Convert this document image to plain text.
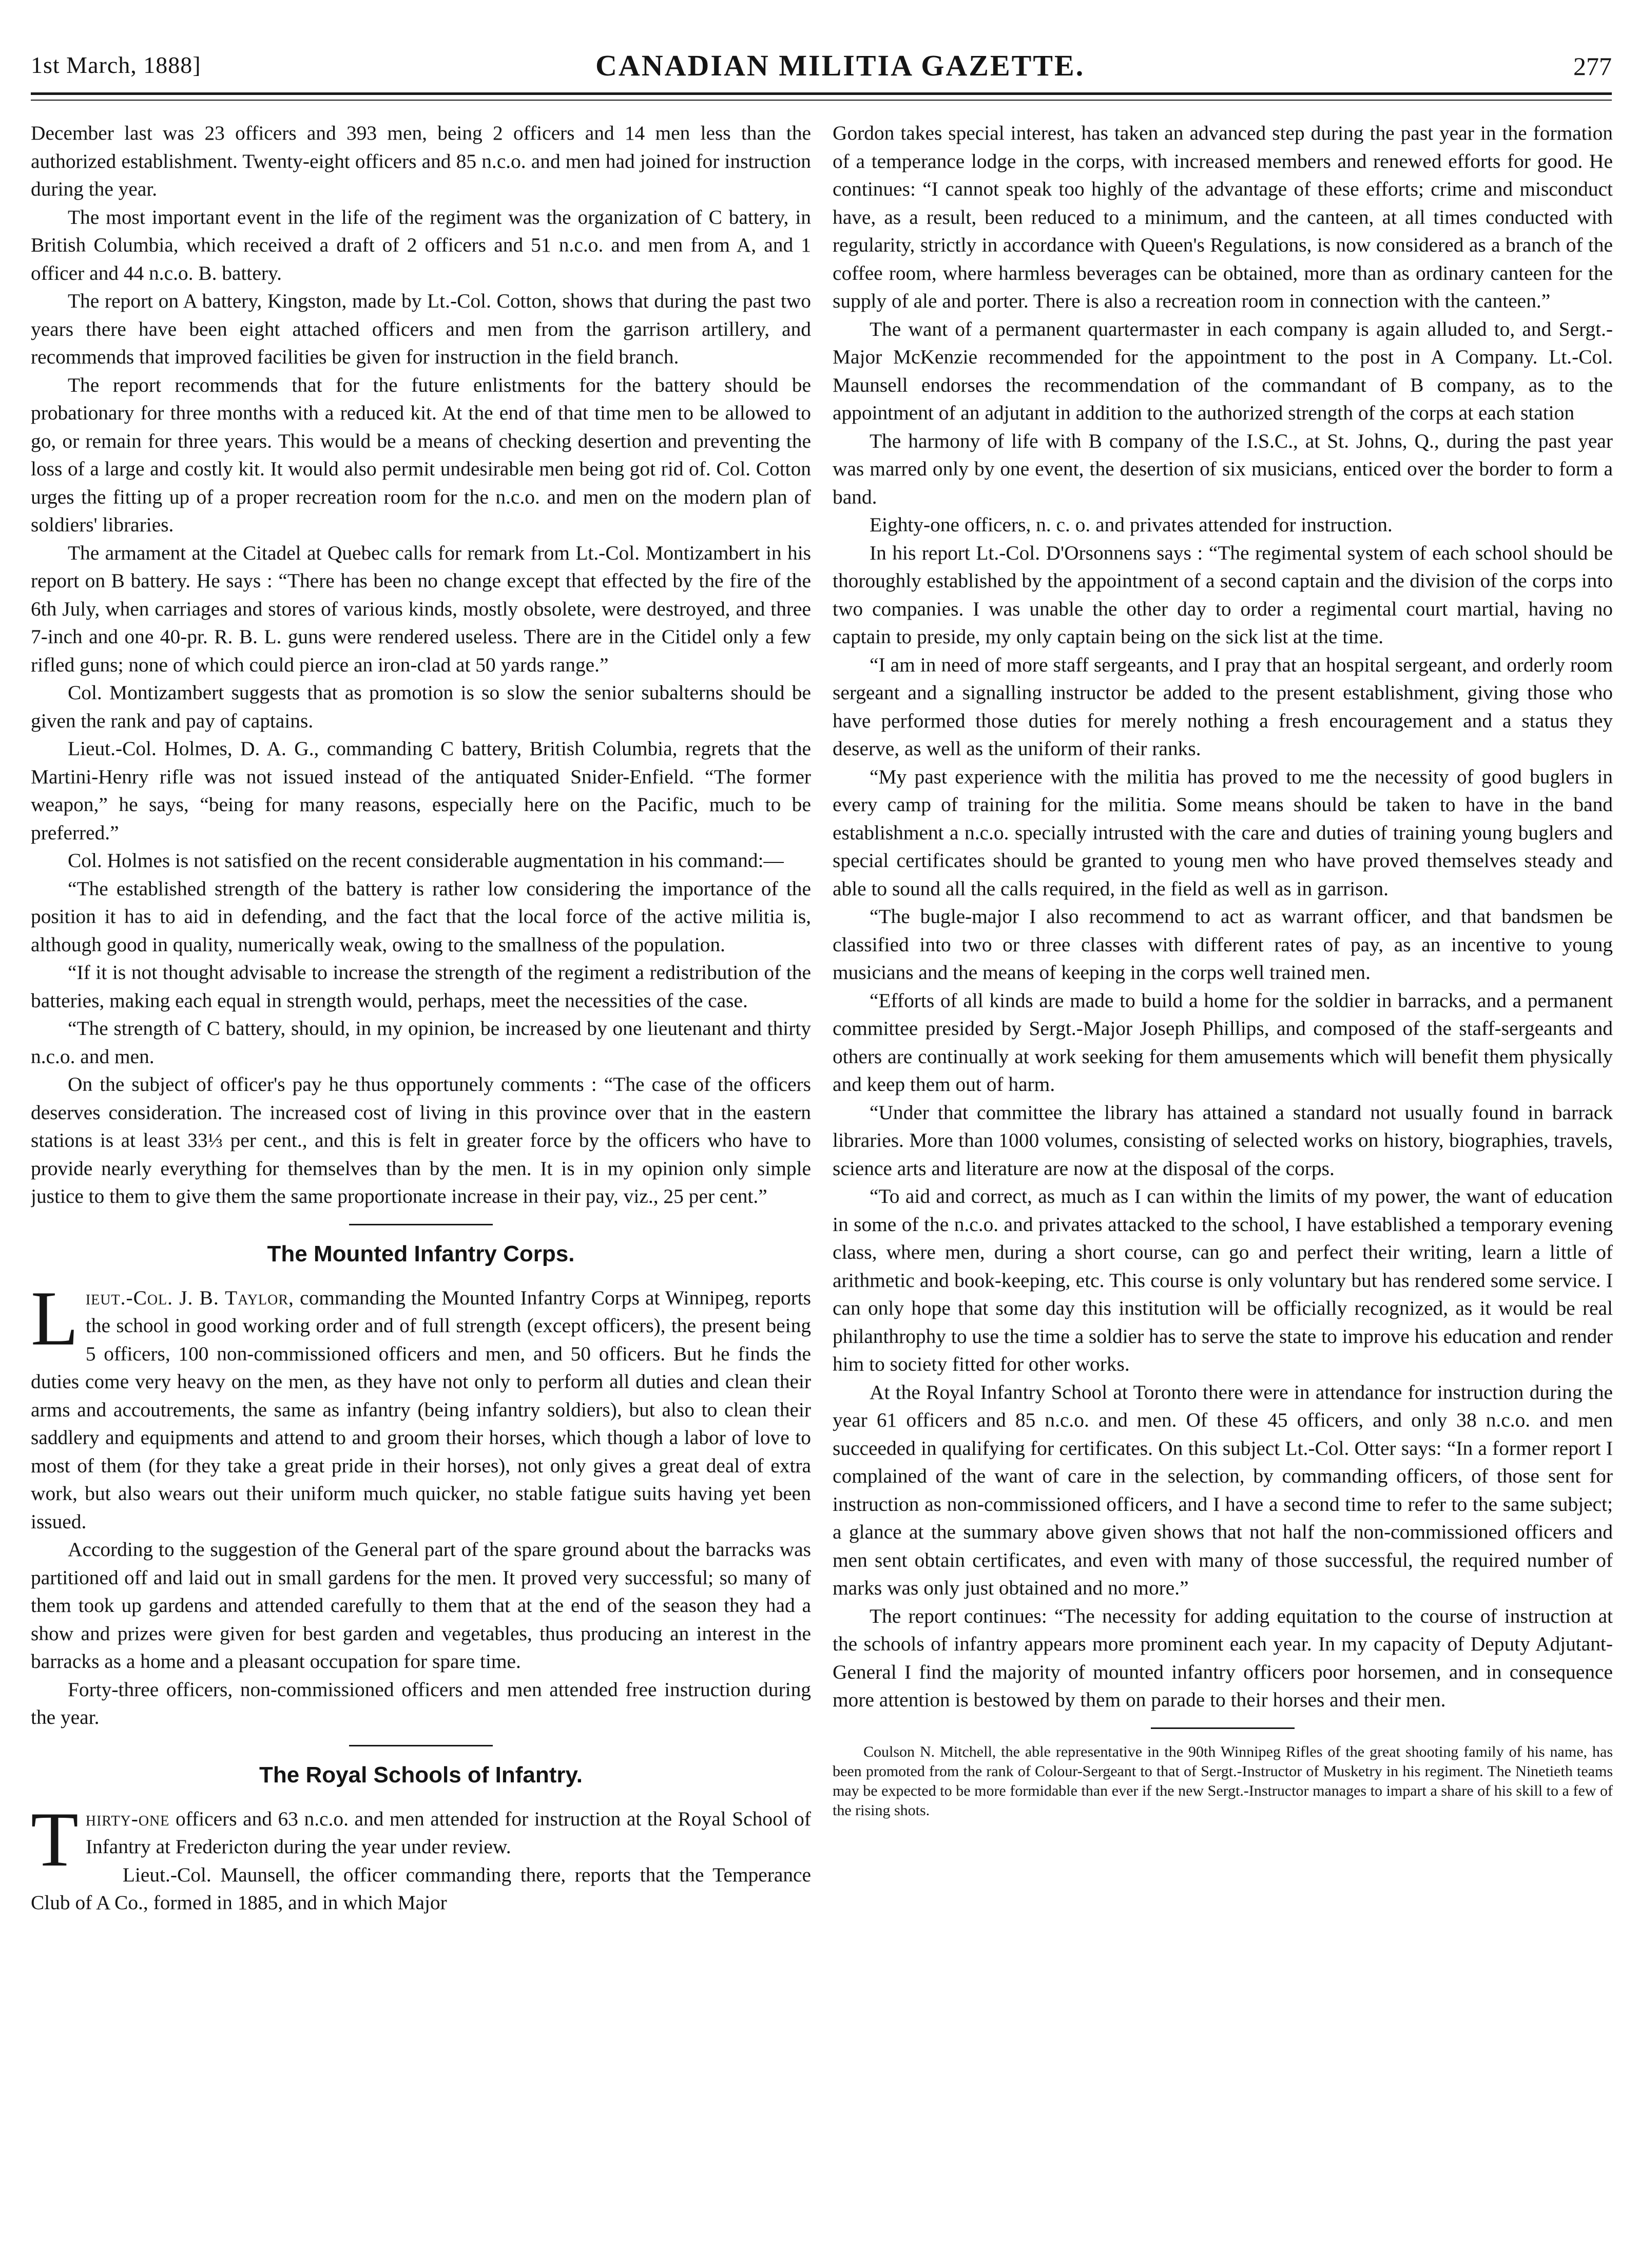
1st March, 1888]	CANADIAN MILITIA GAZETTE.	277

December last was 23 officers and 393 men, being 2 officers and 14 men less than the authorized establishment. Twenty-eight officers and 85 n.c.o. and men had joined for instruction during the year.

The most important event in the life of the regiment was the organization of C battery, in British Columbia, which received a draft of 2 officers and 51 n.c.o. and men from A, and 1 officer and 44 n.c.o. B. battery.

The report on A battery, Kingston, made by Lt.-Col. Cotton, shows that during the past two years there have been eight attached officers and men from the garrison artillery, and recommends that improved facilities be given for instruction in the field branch.

The report recommends that for the future enlistments for the battery should be probationary for three months with a reduced kit. At the end of that time men to be allowed to go, or remain for three years. This would be a means of checking desertion and preventing the loss of a large and costly kit. It would also permit undesirable men being got rid of. Col. Cotton urges the fitting up of a proper recreation room for the n.c.o. and men on the modern plan of soldiers' libraries.

The armament at the Citadel at Quebec calls for remark from Lt.-Col. Montizambert in his report on B battery. He says : “There has been no change except that effected by the fire of the 6th July, when carriages and stores of various kinds, mostly obsolete, were destroyed, and three 7-inch and one 40-pr. R. B. L. guns were rendered useless. There are in the Citidel only a few rifled guns; none of which could pierce an iron-clad at 50 yards range.”

Col. Montizambert suggests that as promotion is so slow the senior subalterns should be given the rank and pay of captains.

Lieut.-Col. Holmes, D. A. G., commanding C battery, British Columbia, regrets that the Martini-Henry rifle was not issued instead of the antiquated Snider-Enfield. “The former weapon,” he says, “being for many reasons, especially here on the Pacific, much to be preferred.”

Col. Holmes is not satisfied on the recent considerable augmentation in his command:—

“The established strength of the battery is rather low considering the importance of the position it has to aid in defending, and the fact that the local force of the active militia is, although good in quality, numerically weak, owing to the smallness of the population.

“If it is not thought advisable to increase the strength of the regiment a redistribution of the batteries, making each equal in strength would, perhaps, meet the necessities of the case.

“The strength of C battery, should, in my opinion, be increased by one lieutenant and thirty n.c.o. and men.

On the subject of officer's pay he thus opportunely comments : “The case of the officers deserves consideration. The increased cost of living in this province over that in the eastern stations is at least 33⅓ per cent., and this is felt in greater force by the officers who have to provide nearly everything for themselves than by the men. It is in my opinion only simple justice to them to give them the same proportionate increase in their pay, viz., 25 per cent.”

The Mounted Infantry Corps.

Lieut.-Col. J. B. Taylor, commanding the Mounted Infantry Corps at Winnipeg, reports the school in good working order and of full strength (except officers), the present being 5 officers, 100 non-commissioned officers and men, and 50 officers. But he finds the duties come very heavy on the men, as they have not only to perform all duties and clean their arms and accoutrements, the same as infantry (being infantry soldiers), but also to clean their saddlery and equipments and attend to and groom their horses, which though a labor of love to most of them (for they take a great pride in their horses), not only gives a great deal of extra work, but also wears out their uniform much quicker, no stable fatigue suits having yet been issued.

According to the suggestion of the General part of the spare ground about the barracks was partitioned off and laid out in small gardens for the men. It proved very successful; so many of them took up gardens and attended carefully to them that at the end of the season they had a show and prizes were given for best garden and vegetables, thus producing an interest in the barracks as a home and a pleasant occupation for spare time.

Forty-three officers, non-commissioned officers and men attended free instruction during the year.

The Royal Schools of Infantry.

Thirty-one officers and 63 n.c.o. and men attended for instruction at the Royal School of Infantry at Fredericton during the year under review.

Lieut.-Col. Maunsell, the officer commanding there, reports that the Temperance Club of A Co., formed in 1885, and in which Major

Gordon takes special interest, has taken an advanced step during the past year in the formation of a temperance lodge in the corps, with increased members and renewed efforts for good. He continues: “I cannot speak too highly of the advantage of these efforts; crime and misconduct have, as a result, been reduced to a minimum, and the canteen, at all times conducted with regularity, strictly in accordance with Queen's Regulations, is now considered as a branch of the coffee room, where harmless beverages can be obtained, more than as ordinary canteen for the supply of ale and porter. There is also a recreation room in connection with the canteen.”

The want of a permanent quartermaster in each company is again alluded to, and Sergt.-Major McKenzie recommended for the appointment to the post in A Company. Lt.-Col. Maunsell endorses the recommendation of the commandant of B company, as to the appointment of an adjutant in addition to the authorized strength of the corps at each station

The harmony of life with B company of the I.S.C., at St. Johns, Q., during the past year was marred only by one event, the desertion of six musicians, enticed over the border to form a band.

Eighty-one officers, n. c. o. and privates attended for instruction.

In his report Lt.-Col. D'Orsonnens says : “The regimental system of each school should be thoroughly established by the appointment of a second captain and the division of the corps into two companies. I was unable the other day to order a regimental court martial, having no captain to preside, my only captain being on the sick list at the time.

“I am in need of more staff sergeants, and I pray that an hospital sergeant, and orderly room sergeant and a signalling instructor be added to the present establishment, giving those who have performed those duties for merely nothing a fresh encouragement and a status they deserve, as well as the uniform of their ranks.

“My past experience with the militia has proved to me the necessity of good buglers in every camp of training for the militia. Some means should be taken to have in the band establishment a n.c.o. specially intrusted with the care and duties of training young buglers and special certificates should be granted to young men who have proved themselves steady and able to sound all the calls required, in the field as well as in garrison.

“The bugle-major I also recommend to act as warrant officer, and that bandsmen be classified into two or three classes with different rates of pay, as an incentive to young musicians and the means of keeping in the corps well trained men.

“Efforts of all kinds are made to build a home for the soldier in barracks, and a permanent committee presided by Sergt.-Major Joseph Phillips, and composed of the staff-sergeants and others are continually at work seeking for them amusements which will benefit them physically and keep them out of harm.

“Under that committee the library has attained a standard not usually found in barrack libraries. More than 1000 volumes, consisting of selected works on history, biographies, travels, science arts and literature are now at the disposal of the corps.

“To aid and correct, as much as I can within the limits of my power, the want of education in some of the n.c.o. and privates attacked to the school, I have established a temporary evening class, where men, during a short course, can go and perfect their writing, learn a little of arithmetic and book-keeping, etc. This course is only voluntary but has rendered some service. I can only hope that some day this institution will be officially recognized, as it would be real philanthrophy to use the time a soldier has to serve the state to improve his education and render him to society fitted for other works.

At the Royal Infantry School at Toronto there were in attendance for instruction during the year 61 officers and 85 n.c.o. and men. Of these 45 officers, and only 38 n.c.o. and men succeeded in qualifying for certificates. On this subject Lt.-Col. Otter says: “In a former report I complained of the want of care in the selection, by commanding officers, of those sent for instruction as non-commissioned officers, and I have a second time to refer to the same subject; a glance at the summary above given shows that not half the non-commissioned officers and men sent obtain certificates, and even with many of those successful, the required number of marks was only just obtained and no more.”

The report continues: “The necessity for adding equitation to the course of instruction at the schools of infantry appears more prominent each year. In my capacity of Deputy Adjutant-General I find the majority of mounted infantry officers poor horsemen, and in consequence more attention is bestowed by them on parade to their horses and their men.

Coulson N. Mitchell, the able representative in the 90th Winnipeg Rifles of the great shooting family of his name, has been promoted from the rank of Colour-Sergeant to that of Sergt.-Instructor of Musketry in his regiment. The Ninetieth teams may be expected to be more formidable than ever if the new Sergt.-Instructor manages to impart a share of his skill to a few of the rising shots.
